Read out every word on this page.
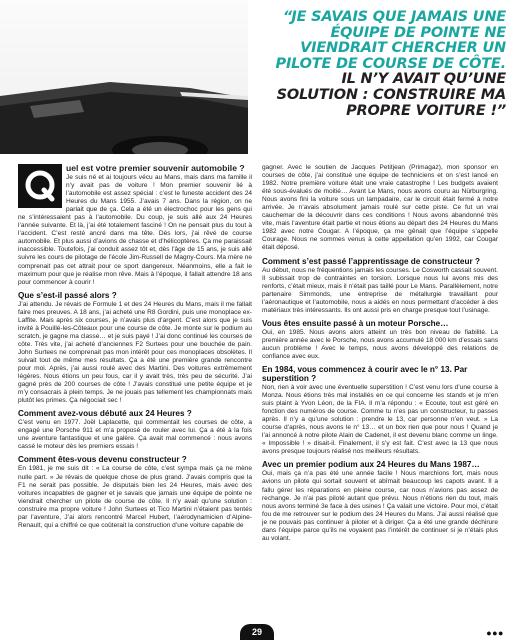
“JE SAVAIS QUE JAMAIS UNE ÉQUIPE DE POINTE NE VIENDRAIT CHERCHER UN PILOTE DE COURSE DE CÔTE. IL N’Y AVAIT QU’UNE SOLUTION : CONSTRUIRE MA PROPRE VOITURE !”
uel est votre premier souvenir automobile ?

Je suis né et ai toujours vécu au Mans, mais dans ma famille il n’y avait pas de voiture ! Mon premier souvenir lié à l’automobile est assez spécial : c’est le funeste accident des 24 Heures du Mans 1955. J’avais 7 ans. Dans la région, on ne parlait que de ça. Cela a été un électrochoc pour les gens qui ne s’intéressaient pas à l’automobile. Du coup, je suis allé aux 24 Heures l’année suivante. Et là, j’ai été totalement fasciné ! On ne pensait plus du tout à l’accident. C’est resté ancré dans ma tête. Dès lors, j’ai rêvé de course automobile. Et plus aussi d’avions de chasse et d’hélicoptères. Ça me paraissait inaccessible. Toutefois, j’ai conduit assez tôt et, dès l’âge de 15 ans, je suis allé suivre les cours de pilotage de l’école Jim-Russell de Magny-Cours. Ma mère ne comprenait pas cet attrait pour ce sport dangereux. Néanmoins, elle a fait le maximum pour que je réalise mon rêve. Mais à l’époque, il fallait attendre 18 ans pour commencer à courir !

Que s’est-il passé alors ?

J’ai attendu. Je révais de Formule 1 et des 24 Heures du Mans, mais il me fallait faire mes preuves. A 18 ans, j’ai acheté une R8 Gordini, puis une monoplace ex-Laffite. Mais après six courses, je n’avais plus d’argent. C’est alors que je suis invité à Pouillé-les-Côteaux pour une course de côte. Je monte sur le podium au scratch, je gagne ma classe… et je suis payé ! J’ai donc continué les courses de côte. Très vite, j’ai acheté d’anciennes F2 Surtees pour une bouchée de pain. John Surtees ne comprenait pas mon intérêt pour ces monoplaces obsolètes. Il suivait tout de même mes résultats. Ça a été une première grande rencontre pour moi. Après, j’ai aussi roulé avec des Martini. Des voitures extrêmement légères. Nous étions un peu fous, car il y avait très, très peu de sécurité. J’ai gagné près de 200 courses de côte ! J’avais constitué une petite équipe et je m’y consacrais à plein temps. Je ne jouais pas tellement les championnats mais plutôt les primes. Ça négociait sec !

Comment avez-vous débuté aux 24 Heures ?

C’est venu en 1977. Joël Laplacette, qui commentait les courses de côte, a engagé une Porsche 911 et m’a proposé de rouler avec lui. Ça a été à la fois une aventure fantastique et une galère. Ça avait mal commencé : nous avons cassé le moteur dès les premiers essais !

Comment êtes-vous devenu constructeur ?

En 1981, je me suis dit : « La course de côte, c’est sympa mais ça ne mène nulle part. » Je révais de quelque chose de plus grand. J’avais compris que la F1 ne serait pas possible. Je disputais bien les 24 Heures, mais avec des voitures incapables de gagner et je savais que jamais une équipe de pointe ne viendrait chercher un pilote de course de côte. Il n’y avait qu’une solution : construire ma propre voiture ! John Surtees et Tico Martini n’étaient pas tentés par l’aventure, J’ai alors rencontré Marcel Hubert, l’aérodynamicien d’Alpine-Renault, qui a chiffré ce que coûterait la construction d’une voiture capable de

gagner. Avec le soutien de Jacques Petitjean (Primagaz), mon sponsor en courses de côte, j’ai constitué une équipe de techniciens et on s’est lancé en 1982. Notre première voiture était une vraie catastrophe ! Les budgets avaient été sous-évalués de moitié… Avant Le Mans, nous avons couru au Nürburgring. Nous avons fini la voiture sous un lampadaire, car le circuit était fermé à notre arrivée. Je n’avais absolument jamais roulé sur cette piste. Ce fut un vrai cauchemar de la découvrir dans ces conditions ! Nous avons abandonné très vite, mais l’aventure était partie et nous étions au départ des 24 Heures du Mans 1982 avec notre Cougar. A l’époque, ça me gênait que l’équipe s’appelle Courage. Nous ne sommes venus à cette appellation qu’en 1992, car Cougar était déposé.

Comment s’est passé l’apprentissage de constructeur ?

Au début, nous ne fréquentions jamais les courses. Le Cosworth cassait souvent. Il subissait trop de contraintes en torsion. Lorsque nous lui avons mis des renforts, c’était mieux, mais il n’était pas taillé pour Le Mans. Parallèlement, notre partenaire Simmonds, une entreprise de métallurgie travaillant pour l’aéronautique et l’automobile, nous a aidés en nous permettant d’accéder à des matériaux très intéressants. Ils ont aussi pris en charge presque tout l’usinage.

Vous êtes ensuite passé à un moteur Porsche…

Oui, en 1985. Nous avons alors atteint un très bon niveau de fiabilité. La première année avec le Porsche, nous avons accumulé 18 000 km d’essais sans aucun problème ! Avec le temps, nous avons développé des relations de confiance avec eux.

En 1984, vous commencez à courir avec le n° 13. Par superstition ?

Non, rien à voir avec une éventuelle superstition ! C’est venu lors d’une course à Monza. Nous étions très mal installés en ce qui concerne les stands et je m’en suis plaint à Yvon Léon, de la FIA. Il m’a répondu : « Ecoute, tout est géré en fonction des numéros de course. Comme tu n’es pas un constructeur, tu passes après. Il n’y a qu’une solution : prendre le 13, car personne n’en veut. » La course d’après, nous avons le n° 13… et un box rien que pour nous ! Quand je l’ai annoncé à notre pilote Alain de Cadenet, il est devenu blanc comme un linge. « Impossible ! » disait-il. Finalement, il s’y est fait. C’est avec la 13 que nous avons presque toujours réalisé nos meilleurs résultats.

Avec un premier podium aux 24 Heures du Mans 1987…

Oui, mais ça n’a pas été une année facile ! Nous marchions fort, mais nous avions un pilote qui sortait souvent et abîmait beaucoup les capots avant. Il a fallu gérer les réparations en pleine course, car nous n’avions pas assez de rechange. Je n’ai pas piloté autant que prévu. Nous n’étions rien du tout, mais nous avons terminé 3e face à des usines ! Ça valait une victoire. Pour moi, c’était fou de me retrouver sur le podium des 24 Heures du Mans. J’ai aussi réalisé que je ne pouvais pas continuer à piloter et à diriger. Ça a été une grande déchirure dans l’équipe parce qu’ils ne voyaient pas l’intérêt de continuer si je n’étais plus au volant.

29	●●●
